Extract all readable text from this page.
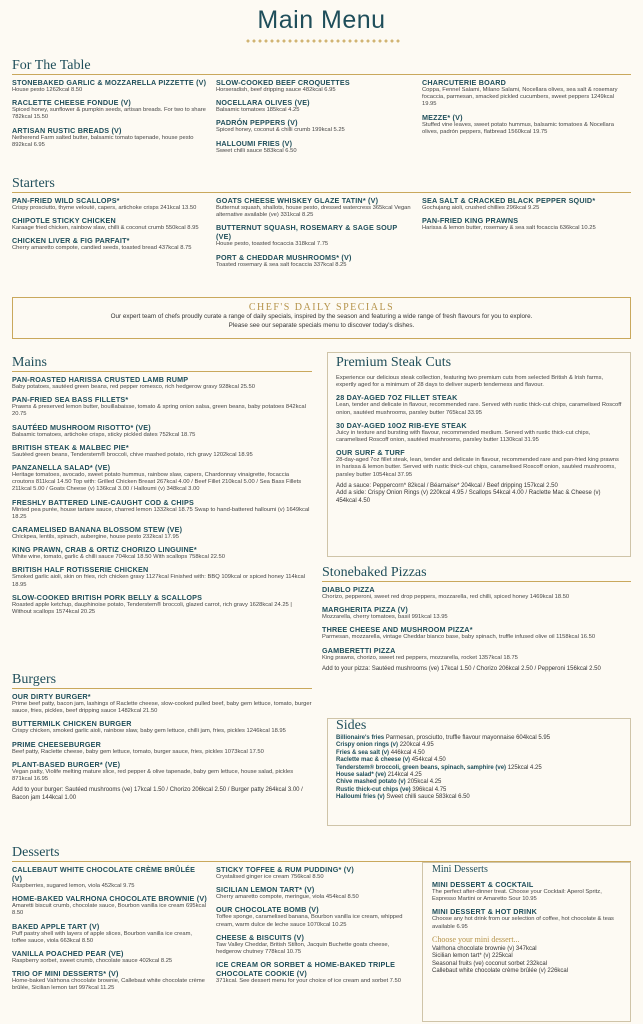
Main Menu
For The Table
STONEBAKED GARLIC & MOZZARELLA PIZZETTE (V)
House pesto 1262kcal 8.50
RACLETTE CHEESE FONDUE (V)
Spiced honey, sunflower & pumpkin seeds, artisan breads. For two to share 782kcal 15.50
ARTISAN RUSTIC BREADS (V)
Netherend Farm salted butter, balsamic tomato tapenade, house pesto 892kcal 6.95
SLOW-COOKED BEEF CROQUETTES
Horseradish, beef dripping sauce 482kcal 6.95
NOCELLARA OLIVES (VE)
Balsamic tomatoes 185kcal 4.25
PADRÓN PEPPERS (V)
Spiced honey, coconut & chilli crumb 199kcal 5.25
HALLOUMI FRIES (V)
Sweet chilli sauce 583kcal 6.50
CHARCUTERIE BOARD
Coppa, Fennel Salami, Milano Salami, Nocellara olives, sea salt & rosemary focaccia, parmesan, smacked pickled cucumbers, sweet peppers 1249kcal 19.95
MEZZE* (V)
Stuffed vine leaves, sweet potato hummus, balsamic tomatoes & Nocellara olives, padrón peppers, flatbread 1560kcal 19.75
Starters
PAN-FRIED WILD SCALLOPS*
Crispy prosciutto, thyme velouté, capers, artichoke crisps 241kcal 13.50
CHIPOTLE STICKY CHICKEN
Karaage fried chicken, rainbow slaw, chilli & coconut crumb 550kcal 8.95
CHICKEN LIVER & FIG PARFAIT*
Cherry amaretto compote, candied seeds, toasted bread 437kcal 8.75
GOATS CHEESE WHISKEY GLAZE TATIN* (V)
Butternut squash, shallots, house pesto, dressed watercress 365kcal Vegan alternative available (ve) 331kcal 8.25
BUTTERNUT SQUASH, ROSEMARY & SAGE SOUP (VE)
House pesto, toasted focaccia 318kcal 7.75
PORT & CHEDDAR MUSHROOMS* (V)
Toasted rosemary & sea salt focaccia 337kcal 8.25
SEA SALT & CRACKED BLACK PEPPER SQUID*
Gochujang aioli, crushed chillies 296kcal 9.25
PAN-FRIED KING PRAWNS
Harissa & lemon butter, rosemary & sea salt focaccia 636kcal 10.25
CHEF'S DAILY SPECIALS
Our expert team of chefs proudly curate a range of daily specials, inspired by the season and featuring a wide range of fresh flavours for you to explore.
Please see our separate specials menu to discover today's dishes.
Mains
PAN-ROASTED HARISSA CRUSTED LAMB RUMP
Baby potatoes, sautéed green beans, red pepper romesco, rich hedgerow gravy 928kcal 25.50
PAN-FRIED SEA BASS FILLETS*
Prawns & preserved lemon butter, bouillabaisse, tomato & spring onion salsa, green beans, baby potatoes 842kcal 20.75
SAUTÉED MUSHROOM RISOTTO* (VE)
Balsamic tomatoes, artichoke crisps, sticky pickled dates 752kcal 18.75
BRITISH STEAK & MALBEC PIE*
Sautéed green beans, Tenderstem® broccoli, chive mashed potato, rich gravy 1202kcal 18.95
PANZANELLA SALAD* (VE)
Heritage tomatoes, avocado, sweet potato hummus, rainbow slaw, capers, Chardonnay vinaigrette, focaccia croutons 811kcal 14.50 Top with: Grilled Chicken Breast 267kcal 4.00 / Beef Fillet 210kcal 5.00 / Sea Bass Fillets 211kcal 5.00 / Goats Cheese (v) 136kcal 3.00 / Halloumi (v) 348kcal 3.00
FRESHLY BATTERED LINE-CAUGHT COD & CHIPS
Minted pea purée, house tartare sauce, charred lemon 1332kcal 18.75 Swap to hand-battered halloumi (v) 1649kcal 18.25
CARAMELISED BANANA BLOSSOM STEW (VE)
Chickpea, lentils, spinach, aubergine, house pesto 232kcal 17.95
KING PRAWN, CRAB & ORTIZ CHORIZO LINGUINE*
White wine, tomato, garlic & chilli sauce 704kcal 18.50 With scallops 758kcal 22.50
BRITISH HALF ROTISSERIE CHICKEN
Smoked garlic aioli, skin on fries, rich chicken gravy 1127kcal Finished with: BBQ 109kcal or spiced honey 114kcal 18.95
SLOW-COOKED BRITISH PORK BELLY & SCALLOPS
Roasted apple ketchup, dauphinoise potato, Tenderstem® broccoli, glazed carrot, rich gravy 1628kcal 24.25 | Without scallops 1574kcal 20.25
Premium Steak Cuts
Experience our delicious steak collection, featuring two premium cuts from selected British & Irish farms, expertly aged for a minimum of 28 days to deliver superb tenderness and flavour.
28 DAY-AGED 7OZ FILLET STEAK
Lean, tender and delicate in flavour, recommended rare. Served with rustic thick-cut chips, caramelised Roscoff onion, sautéed mushrooms, parsley butter 765kcal 33.95
30 DAY-AGED 10OZ RIB-EYE STEAK
Juicy in texture and bursting with flavour, recommended medium. Served with rustic thick-cut chips, caramelised Roscoff onion, sautéed mushrooms, parsley butter 1130kcal 31.95
OUR SURF & TURF
28-day-aged 7oz fillet steak, lean, tender and delicate in flavour, recommended rare and pan-fried king prawns in harissa & lemon butter. Served with rustic thick-cut chips, caramelised Roscoff onion, sautéed mushrooms, parsley butter 1054kcal 37.95
Add a sauce: Peppercorn* 82kcal / Béarnaise* 204kcal / Beef dripping 157kcal 2.50
Add a side: Crispy Onion Rings (v) 220kcal 4.95 / Scallops 54kcal 4.00 / Raclette Mac & Cheese (v) 454kcal 4.50
Stonebaked Pizzas
DIABLO PIZZA
Chorizo, pepperoni, sweet red drop peppers, mozzarella, red chilli, spiced honey 1469kcal 18.50
MARGHERITA PIZZA (V)
Mozzarella, cherry tomatoes, basil 991kcal 13.95
THREE CHEESE AND MUSHROOM PIZZA*
Parmesan, mozzarella, vintage Cheddar bianco base, baby spinach, truffle infused olive oil 1158kcal 16.50
GAMBERETTI PIZZA
King prawns, chorizo, sweet red peppers, mozzarella, rocket 1357kcal 18.75
Add to your pizza: Sautéed mushrooms (ve) 17kcal 1.50 / Chorizo 206kcal 2.50 / Pepperoni 156kcal 2.50
Burgers
OUR DIRTY BURGER*
Prime beef patty, bacon jam, lashings of Raclette cheese, slow-cooked pulled beef, baby gem lettuce, tomato, burger sauce, fries, pickles, beef dripping sauce 1482kcal 21.50
BUTTERMILK CHICKEN BURGER
Crispy chicken, smoked garlic aioli, rainbow slaw, baby gem lettuce, chilli jam, fries, pickles 1246kcal 18.95
PRIME CHEESEBURGER
Beef patty, Raclette cheese, baby gem lettuce, tomato, burger sauce, fries, pickles 1073kcal 17.50
PLANT-BASED BURGER* (VE)
Vegan patty, Violife melting mature slice, red pepper & olive tapenade, baby gem lettuce, house salad, pickles 871kcal 16.95
Add to your burger: Sautéed mushrooms (ve) 17kcal 1.50 / Chorizo 206kcal 2.50 / Burger patty 264kcal 3.00 / Bacon jam 144kcal 1.00
Sides
Billionaire's fries Parmesan, prosciutto, truffle flavour mayonnaise 604kcal 5.95
Crispy onion rings (v) 220kcal 4.95
Fries & sea salt (v) 446kcal 4.50
Raclette mac & cheese (v) 454kcal 4.50
Tenderstem® broccoli, green beans, spinach, samphire (ve) 125kcal 4.25
House salad* (ve) 214kcal 4.25
Chive mashed potato (v) 205kcal 4.25
Rustic thick-cut chips (ve) 396kcal 4.75
Halloumi fries (v) Sweet chilli sauce 583kcal 6.50
Desserts
CALLEBAUT WHITE CHOCOLATE CRÈME BRÛLÉE (V)
Raspberries, sugared lemon, viola 452kcal 9.75
HOME-BAKED VALRHONA CHOCOLATE BROWNIE (V)
Amaretti biscuit crumb, chocolate sauce, Bourbon vanilla ice cream 695kcal 8.50
BAKED APPLE TART (V)
Puff pastry shell with layers of apple slices, Bourbon vanilla ice cream, toffee sauce, viola 663kcal 8.50
VANILLA POACHED PEAR (VE)
Raspberry sorbet, sweet crumb, chocolate sauce 402kcal 8.25
TRIO OF MINI DESSERTS* (V)
Home-baked Valrhona chocolate brownie, Callebaut white chocolate crème brûlée, Sicilian lemon tart 997kcal 11.25
STICKY TOFFEE & RUM PUDDING* (V)
Crystalised ginger ice cream 756kcal 8.50
SICILIAN LEMON TART* (V)
Cherry amaretto compote, meringue, viola 454kcal 8.50
OUR CHOCOLATE BOMB (V)
Toffee sponge, caramelised banana, Bourbon vanilla ice cream, whipped cream, warm dulce de leche sauce 1070kcal 10.25
CHEESE & BISCUITS (V)
Taw Valley Cheddar, British Stilton, Jacquin Buchette goats cheese, hedgerow chutney 778kcal 10.75
ICE CREAM OR SORBET & HOME-BAKED TRIPLE CHOCOLATE COOKIE (V)
371kcal. See dessert menu for your choice of ice cream and sorbet 7.50
Mini Desserts
MINI DESSERT & COCKTAIL
The perfect after-dinner treat. Choose your Cocktail: Aperol Spritz, Espresso Martini or Amaretto Sour 10.95
MINI DESSERT & HOT DRINK
Choose any hot drink from our selection of coffee, hot chocolate & teas available 6.95
Choose your mini dessert...
Valrhona chocolate brownie (v) 347kcal
Sicilian lemon tart* (v) 225kcal
Seasonal fruits (ve) coconut sorbet 232kcal
Callebaut white chocolate crème brûlée (v) 226kcal
